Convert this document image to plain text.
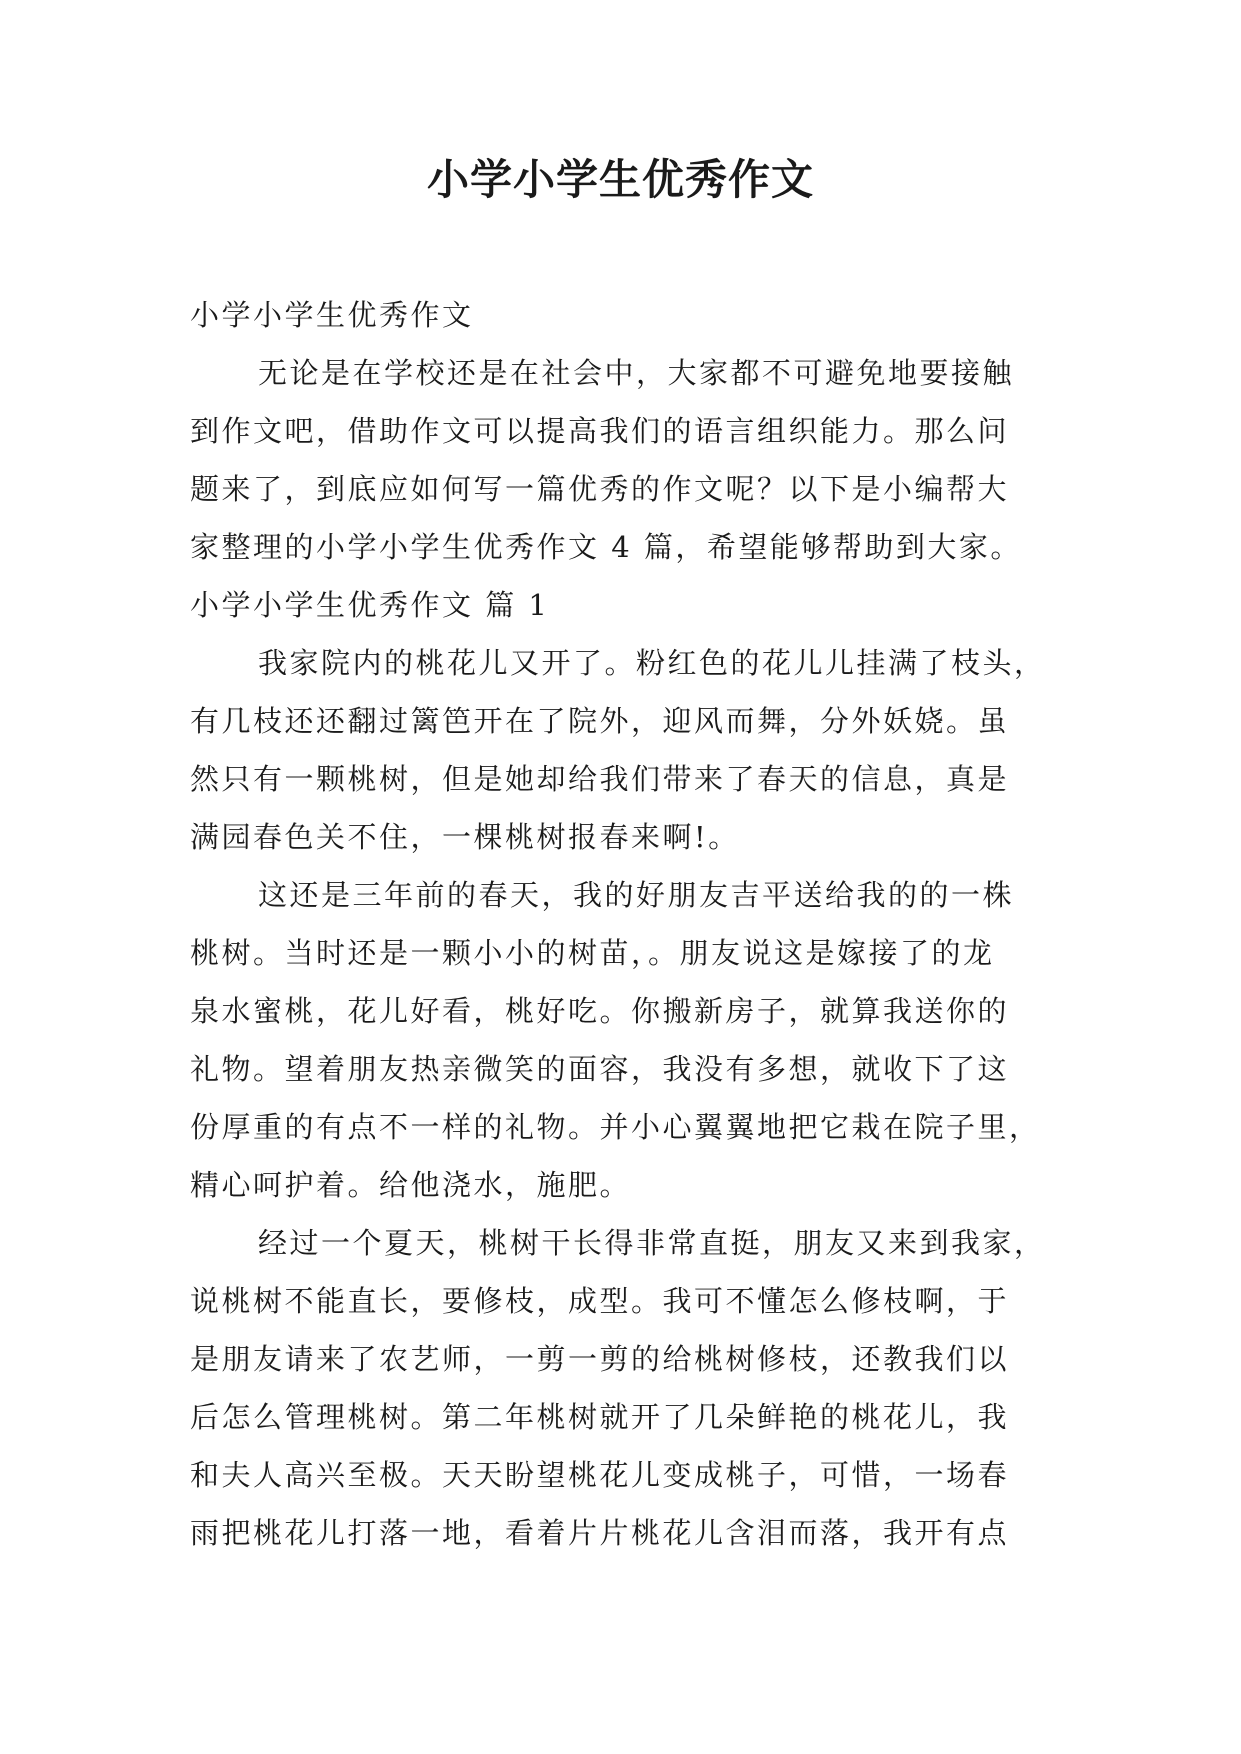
小学小学生优秀作文
小学小学生优秀作文
无论是在学校还是在社会中，大家都不可避免地要接触
到作文吧，借助作文可以提高我们的语言组织能力。那么问
题来了，到底应如何写一篇优秀的作文呢？以下是小编帮大
家整理的小学小学生优秀作文 4 篇，希望能够帮助到大家。
小学小学生优秀作文 篇 1
我家院内的桃花儿又开了。粉红色的花儿儿挂满了枝头，
有几枝还还翻过篱笆开在了院外，迎风而舞，分外妖娆。虽
然只有一颗桃树，但是她却给我们带来了春天的信息，真是
满园春色关不住，一棵桃树报春来啊!。
这还是三年前的春天，我的好朋友吉平送给我的的一株
桃树。当时还是一颗小小的树苗，。朋友说这是嫁接了的龙
泉水蜜桃，花儿好看，桃好吃。你搬新房子，就算我送你的
礼物。望着朋友热亲微笑的面容，我没有多想，就收下了这
份厚重的有点不一样的礼物。并小心翼翼地把它栽在院子里，
精心呵护着。给他浇水，施肥。
经过一个夏天，桃树干长得非常直挺，朋友又来到我家，
说桃树不能直长，要修枝，成型。我可不懂怎么修枝啊，于
是朋友请来了农艺师，一剪一剪的给桃树修枝，还教我们以
后怎么管理桃树。第二年桃树就开了几朵鲜艳的桃花儿，我
和夫人高兴至极。天天盼望桃花儿变成桃子，可惜，一场春
雨把桃花儿打落一地，看着片片桃花儿含泪而落，我开有点
